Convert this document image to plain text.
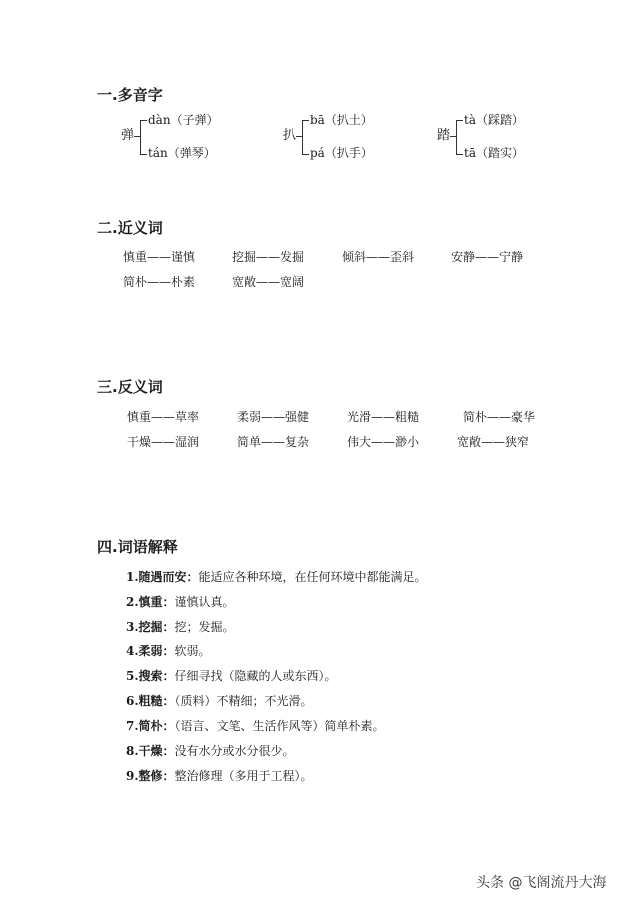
一.多音字
弹
dàn（子弹）
tán（弹琴）
扒
bā（扒土）
pá（扒手）
踏
tà（踩踏）
tā（踏实）
二.近义词
慎重——谨慎	挖掘——发掘	倾斜——歪斜	安静——宁静
简朴——朴素	宽敞——宽阔
三.反义词
慎重——草率	柔弱——强健	光滑——粗糙	简朴——豪华
干燥——湿润	简单——复杂	伟大——渺小	宽敞——狭窄
四.词语解释
1.随遇而安：能适应各种环境，在任何环境中都能满足。
2.慎重：谨慎认真。
3.挖掘：挖；发掘。
4.柔弱：软弱。
5.搜索：仔细寻找（隐藏的人或东西）。
6.粗糙：（质料）不精细；不光滑。
7.简朴：（语言、文笔、生活作风等）简单朴素。
8.干燥：没有水分或水分很少。
9.整修：整治修理（多用于工程）。
头条 @飞阁流丹大海
